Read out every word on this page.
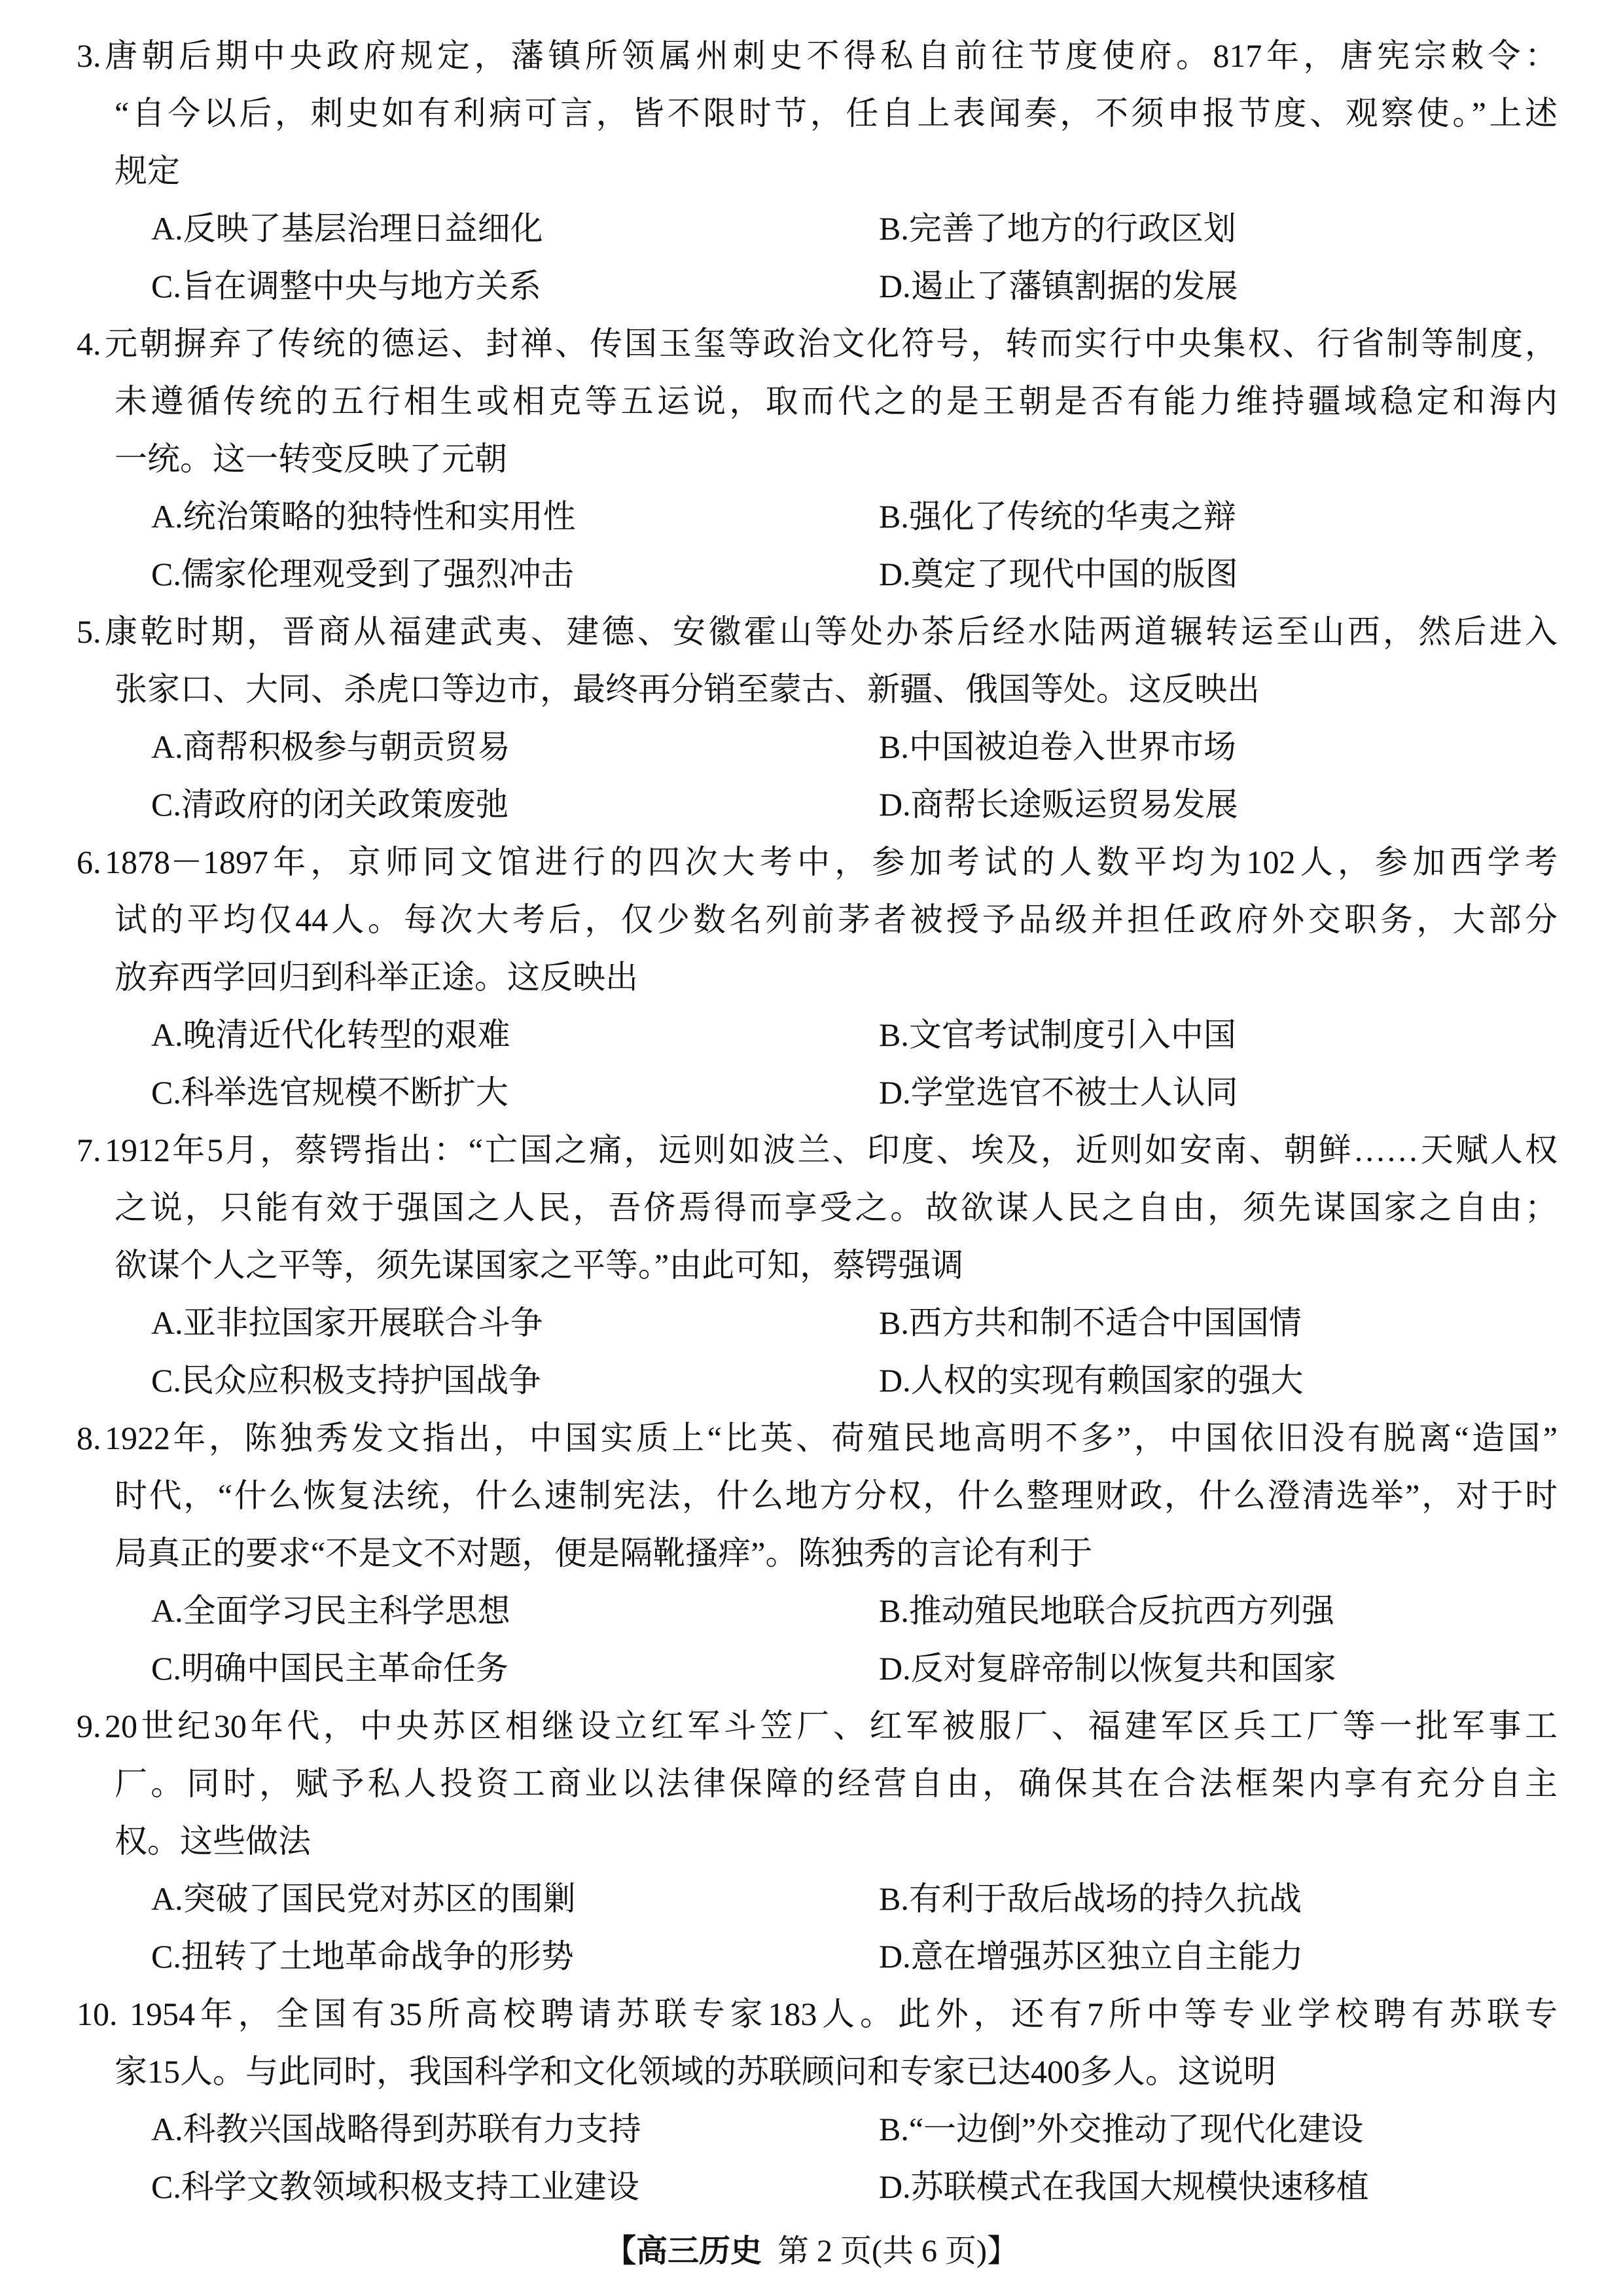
3. 唐朝后期中央政府规定，藩镇所领属州刺史不得私自前往节度使府。817年，唐宪宗敕令：
“自今以后，刺史如有利病可言，皆不限时节，任自上表闻奏，不须申报节度、观察使。”上述
规定
A.反映了基层治理日益细化	B.完善了地方的行政区划
C.旨在调整中央与地方关系	D.遏止了藩镇割据的发展
4. 元朝摒弃了传统的德运、封禅、传国玉玺等政治文化符号，转而实行中央集权、行省制等制度，
未遵循传统的五行相生或相克等五运说，取而代之的是王朝是否有能力维持疆域稳定和海内
一统。这一转变反映了元朝
A.统治策略的独特性和实用性	B.强化了传统的华夷之辩
C.儒家伦理观受到了强烈冲击	D.奠定了现代中国的版图
5. 康乾时期，晋商从福建武夷、建德、安徽霍山等处办茶后经水陆两道辗转运至山西，然后进入
张家口、大同、杀虎口等边市，最终再分销至蒙古、新疆、俄国等处。这反映出
A.商帮积极参与朝贡贸易	B.中国被迫卷入世界市场
C.清政府的闭关政策废弛	D.商帮长途贩运贸易发展
6. 1878－1897年，京师同文馆进行的四次大考中，参加考试的人数平均为102人，参加西学考
试的平均仅44人。每次大考后，仅少数名列前茅者被授予品级并担任政府外交职务，大部分
放弃西学回归到科举正途。这反映出
A.晚清近代化转型的艰难	B.文官考试制度引入中国
C.科举选官规模不断扩大	D.学堂选官不被士人认同
7. 1912年5月，蔡锷指出：“亡国之痛，远则如波兰、印度、埃及，近则如安南、朝鲜……天赋人权
之说，只能有效于强国之人民，吾侪焉得而享受之。故欲谋人民之自由，须先谋国家之自由；
欲谋个人之平等，须先谋国家之平等。”由此可知，蔡锷强调
A.亚非拉国家开展联合斗争	B.西方共和制不适合中国国情
C.民众应积极支持护国战争	D.人权的实现有赖国家的强大
8. 1922年，陈独秀发文指出，中国实质上“比英、荷殖民地高明不多”，中国依旧没有脱离“造国”
时代，“什么恢复法统，什么速制宪法，什么地方分权，什么整理财政，什么澄清选举”，对于时
局真正的要求“不是文不对题，便是隔靴搔痒”。陈独秀的言论有利于
A.全面学习民主科学思想	B.推动殖民地联合反抗西方列强
C.明确中国民主革命任务	D.反对复辟帝制以恢复共和国家
9. 20世纪30年代，中央苏区相继设立红军斗笠厂、红军被服厂、福建军区兵工厂等一批军事工
厂。同时，赋予私人投资工商业以法律保障的经营自由，确保其在合法框架内享有充分自主
权。这些做法
A.突破了国民党对苏区的围剿	B.有利于敌后战场的持久抗战
C.扭转了土地革命战争的形势	D.意在增强苏区独立自主能力
10. 1954年，全国有35所高校聘请苏联专家183人。此外，还有7所中等专业学校聘有苏联专
家15人。与此同时，我国科学和文化领域的苏联顾问和专家已达400多人。这说明
A.科教兴国战略得到苏联有力支持	B.“一边倒”外交推动了现代化建设
C.科学文教领域积极支持工业建设	D.苏联模式在我国大规模快速移植
【高三历史 第 2 页(共 6 页)】
